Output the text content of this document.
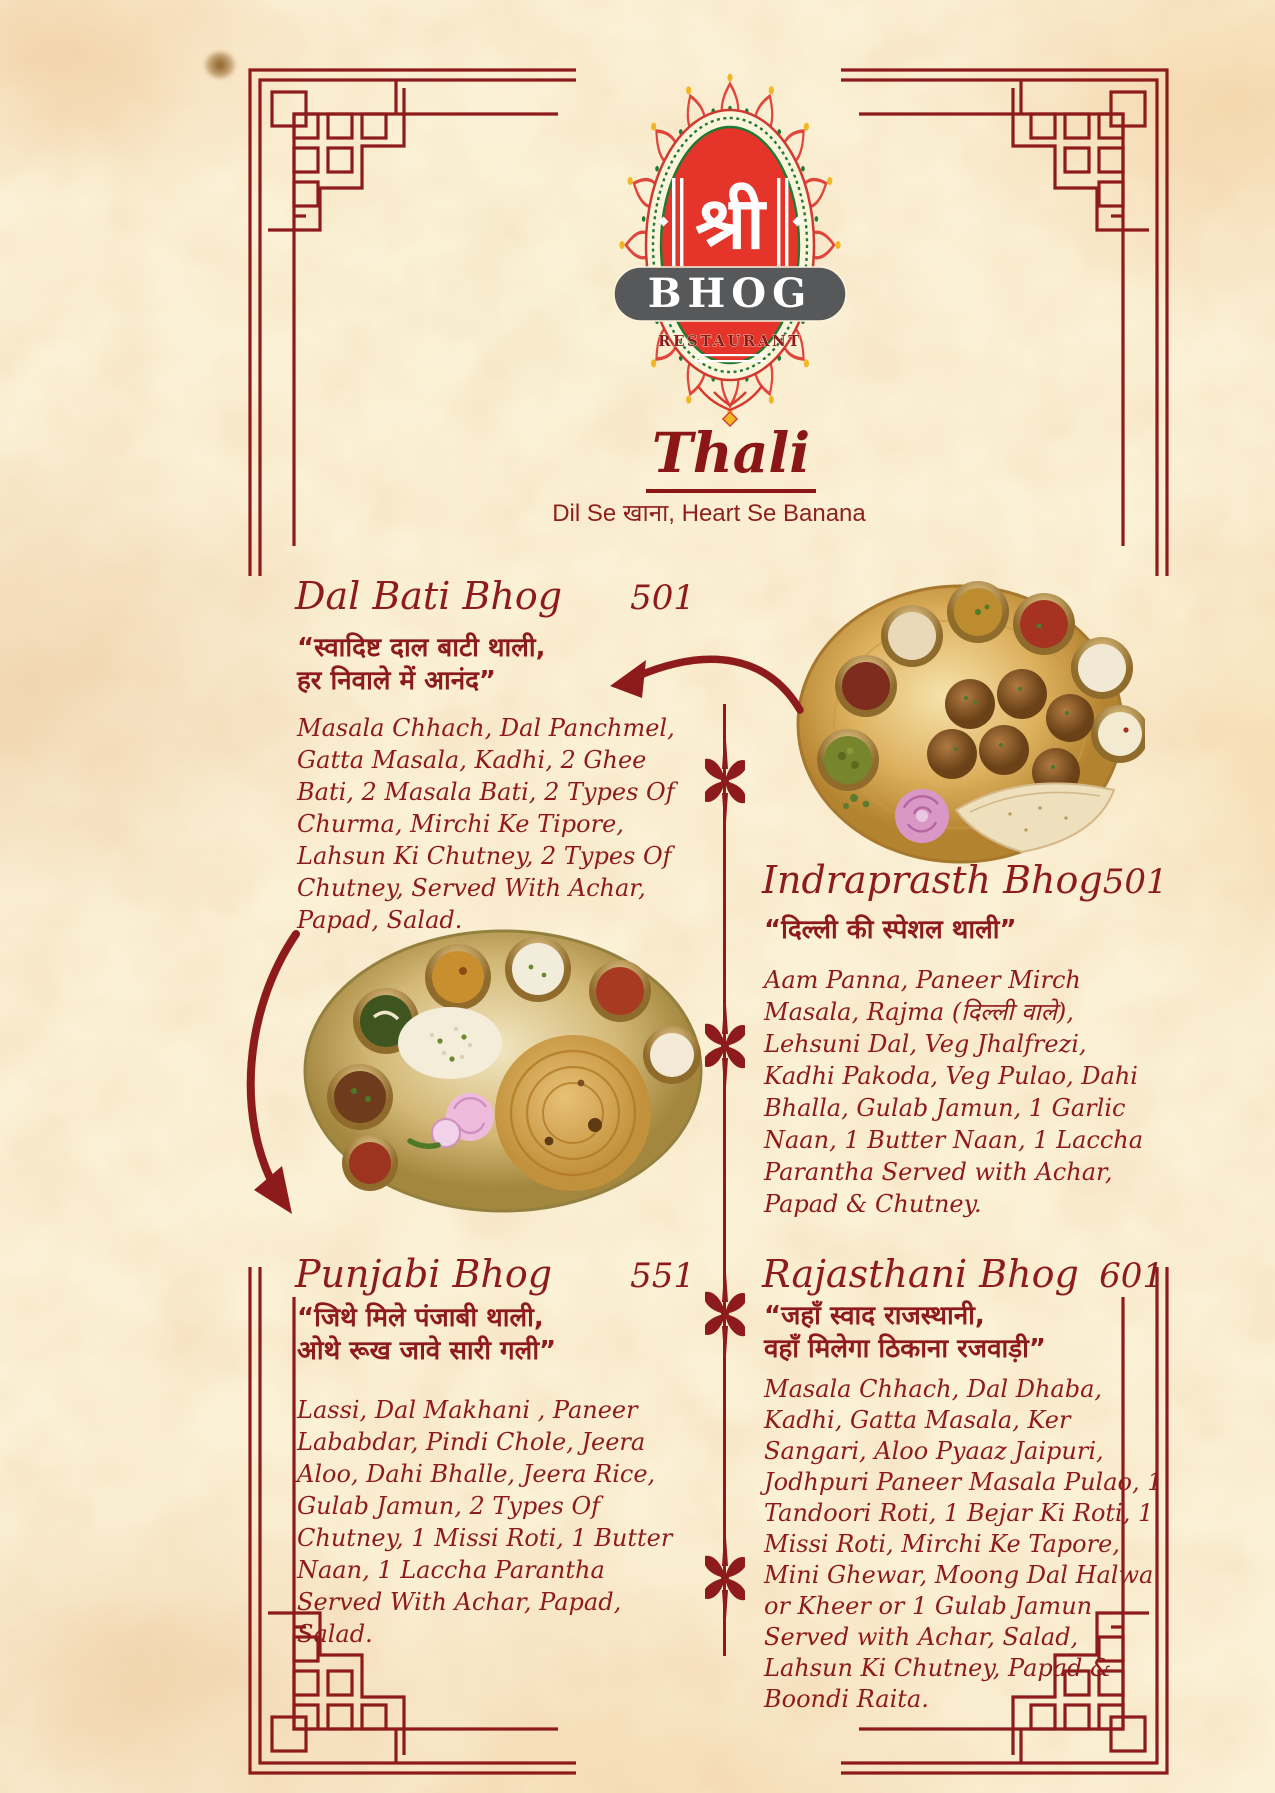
श्री
BHOG
RESTAURANT
Thali
Dil Se खाना, Heart Se Banana
Dal Bati Bhog 501
“स्वादिष्ट दाल बाटी थाली,
हर निवाले में आनंद”
Masala Chhach, Dal Panchmel, Gatta Masala, Kadhi, 2 Ghee Bati, 2 Masala Bati, 2 Types Of Churma, Mirchi Ke Tipore, Lahsun Ki Chutney, 2 Types Of Chutney, Served With Achar, Papad, Salad.
Indraprasth Bhog 501
“दिल्ली की स्पेशल थाली”
Aam Panna, Paneer Mirch Masala, Rajma (दिल्ली वाले), Lehsuni Dal, Veg Jhalfrezi, Kadhi Pakoda, Veg Pulao, Dahi Bhalla, Gulab Jamun, 1 Garlic Naan, 1 Butter Naan, 1 Laccha Parantha Served with Achar, Papad & Chutney.
Punjabi Bhog 551
“जिथे मिले पंजाबी थाली,
ओथे रूख जावे सारी गली”
Lassi, Dal Makhani , Paneer Lababdar, Pindi Chole, Jeera Aloo, Dahi Bhalle, Jeera Rice, Gulab Jamun, 2 Types Of Chutney, 1 Missi Roti, 1 Butter Naan, 1 Laccha Parantha Served With Achar, Papad, Salad.
Rajasthani Bhog 601
“जहाँ स्वाद राजस्थानी,
वहाँ मिलेगा ठिकाना रजवाड़ी”
Masala Chhach, Dal Dhaba, Kadhi, Gatta Masala, Ker Sangari, Aloo Pyaaz Jaipuri, Jodhpuri Paneer Masala Pulao, 1 Tandoori Roti, 1 Bejar Ki Roti, 1 Missi Roti, Mirchi Ke Tapore, Mini Ghewar, Moong Dal Halwa or Kheer or 1 Gulab Jamun Served with Achar, Salad, Lahsun Ki Chutney, Papad & Boondi Raita.
